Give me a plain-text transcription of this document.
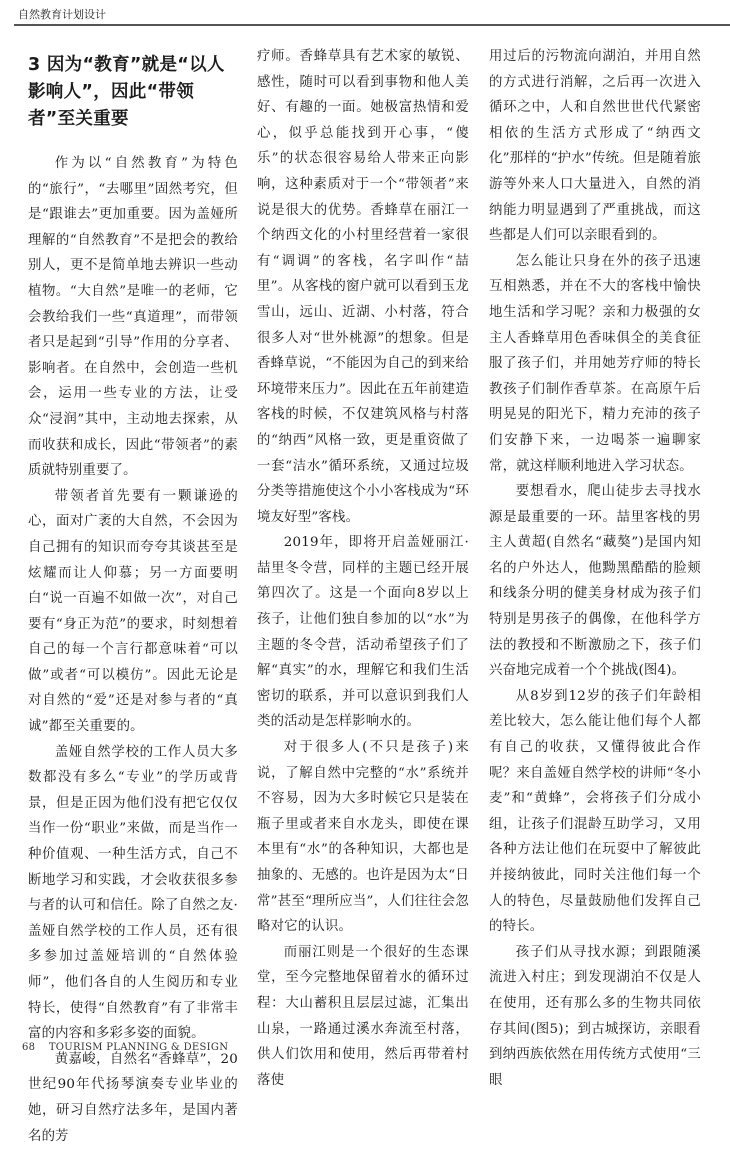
自然教育计划设计
3 因为“教育”就是“以人影响人”，因此“带领者”至关重要

作为以“自然教育”为特色的“旅行”，“去哪里”固然考究，但是“跟谁去”更加重要。因为盖娅所理解的“自然教育”不是把会的教给别人，更不是简单地去辨识一些动植物。“大自然”是唯一的老师，它会教给我们一些“真道理”，而带领者只是起到“引导”作用的分享者、影响者。在自然中，会创造一些机会，运用一些专业的方法，让受众“浸润”其中，主动地去探索，从而收获和成长，因此“带领者”的素质就特别重要了。

带领者首先要有一颗谦逊的心，面对广袤的大自然，不会因为自己拥有的知识而夸夸其谈甚至是炫耀而让人仰慕；另一方面要明白“说一百遍不如做一次”，对自己要有“身正为范”的要求，时刻想着自己的每一个言行都意味着“可以做”或者“可以模仿”。因此无论是对自然的“爱”还是对参与者的“真诚”都至关重要的。

盖娅自然学校的工作人员大多数都没有多么“专业”的学历或背景，但是正因为他们没有把它仅仅当作一份“职业”来做，而是当作一种价值观、一种生活方式，自己不断地学习和实践，才会收获很多参与者的认可和信任。除了自然之友·盖娅自然学校的工作人员，还有很多参加过盖娅培训的“自然体验师”，他们各自的人生阅历和专业特长，使得“自然教育”有了非常丰富的内容和多彩多姿的面貌。

黄嘉峻，自然名“香蜂草”，20世纪90年代扬琴演奏专业毕业的她，研习自然疗法多年，是国内著名的芳

疗师。香蜂草具有艺术家的敏锐、感性，随时可以看到事物和他人美好、有趣的一面。她极富热情和爱心，似乎总能找到开心事，“傻乐”的状态很容易给人带来正向影响，这种素质对于一个“带领者”来说是很大的优势。香蜂草在丽江一个纳西文化的小村里经营着一家很有“调调”的客栈，名字叫作“喆里”。从客栈的窗户就可以看到玉龙雪山，远山、近湖、小村落，符合很多人对“世外桃源”的想象。但是香蜂草说，“不能因为自己的到来给环境带来压力”。因此在五年前建造客栈的时候，不仅建筑风格与村落的“纳西”风格一致，更是重资做了一套“洁水”循环系统，又通过垃圾分类等措施使这个小小客栈成为“环境友好型”客栈。

2019年，即将开启盖娅丽江·喆里冬令营，同样的主题已经开展第四次了。这是一个面向8岁以上孩子，让他们独自参加的以“水”为主题的冬令营，活动希望孩子们了解“真实”的水，理解它和我们生活密切的联系，并可以意识到我们人类的活动是怎样影响水的。

对于很多人(不只是孩子)来说，了解自然中完整的“水”系统并不容易，因为大多时候它只是装在瓶子里或者来自水龙头，即使在课本里有“水”的各种知识，大都也是抽象的、无感的。也许是因为太“日常”甚至“理所应当”，人们往往会忽略对它的认识。

而丽江则是一个很好的生态课堂，至今完整地保留着水的循环过程：大山蓄积且层层过滤，汇集出山泉，一路通过溪水奔流至村落，供人们饮用和使用，然后再带着村落使

用过后的污物流向湖泊，并用自然的方式进行消解，之后再一次进入循环之中，人和自然世世代代紧密相依的生活方式形成了“纳西文化”那样的“护水”传统。但是随着旅游等外来人口大量进入，自然的消纳能力明显遇到了严重挑战，而这些都是人们可以亲眼看到的。

怎么能让只身在外的孩子迅速互相熟悉，并在不大的客栈中愉快地生活和学习呢？亲和力极强的女主人香蜂草用色香味俱全的美食征服了孩子们，并用她芳疗师的特长教孩子们制作香草茶。在高原午后明晃晃的阳光下，精力充沛的孩子们安静下来，一边喝茶一遍聊家常，就这样顺利地进入学习状态。

要想看水，爬山徒步去寻找水源是最重要的一环。喆里客栈的男主人黄超(自然名“藏獒”)是国内知名的户外达人，他黝黑酷酷的脸颊和线条分明的健美身材成为孩子们特别是男孩子的偶像，在他科学方法的教授和不断激励之下，孩子们兴奋地完成着一个个挑战(图4)。

从8岁到12岁的孩子们年龄相差比较大，怎么能让他们每个人都有自己的收获，又懂得彼此合作呢？来自盖娅自然学校的讲师“冬小麦”和“黄蜂”，会将孩子们分成小组，让孩子们混龄互助学习，又用各种方法让他们在玩耍中了解彼此并接纳彼此，同时关注他们每一个人的特色，尽量鼓励他们发挥自己的特长。

孩子们从寻找水源；到跟随溪流进入村庄；到发现湖泊不仅是人在使用，还有那么多的生物共同依存其间(图5)；到古城探访，亲眼看到纳西族依然在用传统方式使用“三眼

68 TOURISM PLANNING & DESIGN
